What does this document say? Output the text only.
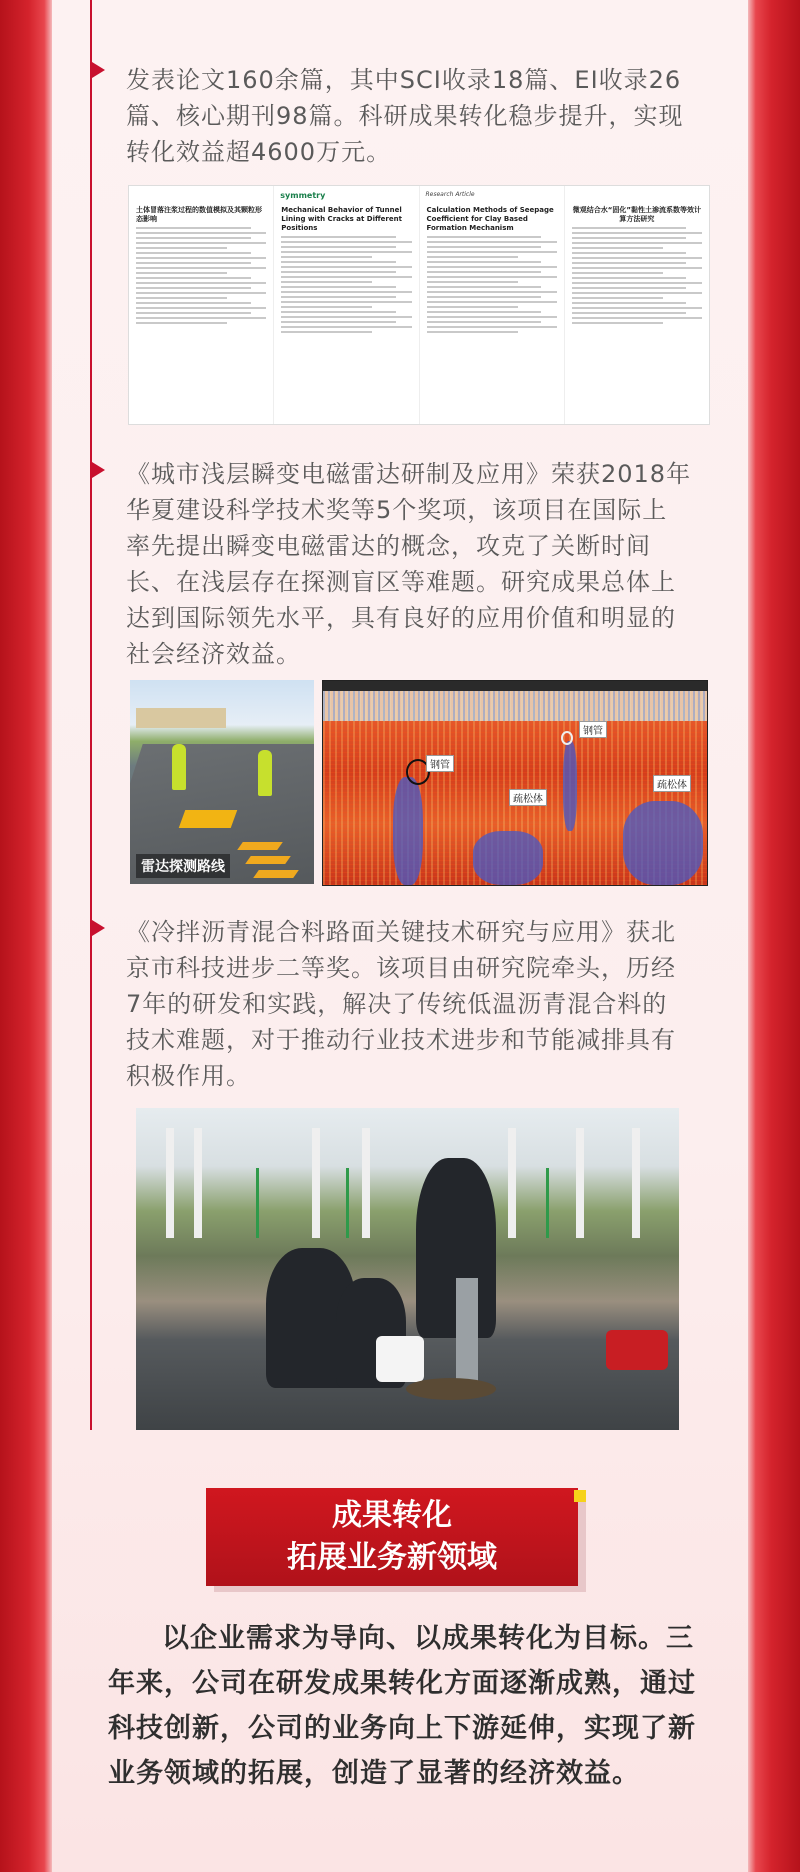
发表论文160余篇，其中SCI收录18篇、EI收录26篇、核心期刊98篇。科研成果转化稳步提升，实现转化效益超4600万元。
土体冒落注浆过程的数值模拟及其颗粒形态影响
symmetry
Mechanical Behavior of Tunnel Lining with Cracks at Different Positions
Research Article
Calculation Methods of Seepage Coefficient for Clay Based Formation Mechanism
微观结合水“固化”黏性土渗流系数等效计算方法研究
《城市浅层瞬变电磁雷达研制及应用》荣获2018年华夏建设科学技术奖等5个奖项，该项目在国际上率先提出瞬变电磁雷达的概念，攻克了关断时间长、在浅层存在探测盲区等难题。研究成果总体上达到国际领先水平，具有良好的应用价值和明显的社会经济效益。
雷达探测路线
钢管
钢管
疏松体
疏松体
《冷拌沥青混合料路面关键技术研究与应用》获北京市科技进步二等奖。该项目由研究院牵头，历经7年的研发和实践，解决了传统低温沥青混合料的技术难题，对于推动行业技术进步和节能减排具有积极作用。
成果转化
拓展业务新领域
以企业需求为导向、以成果转化为目标。三年来，公司在研发成果转化方面逐渐成熟，通过科技创新，公司的业务向上下游延伸，实现了新业务领域的拓展，创造了显著的经济效益。
